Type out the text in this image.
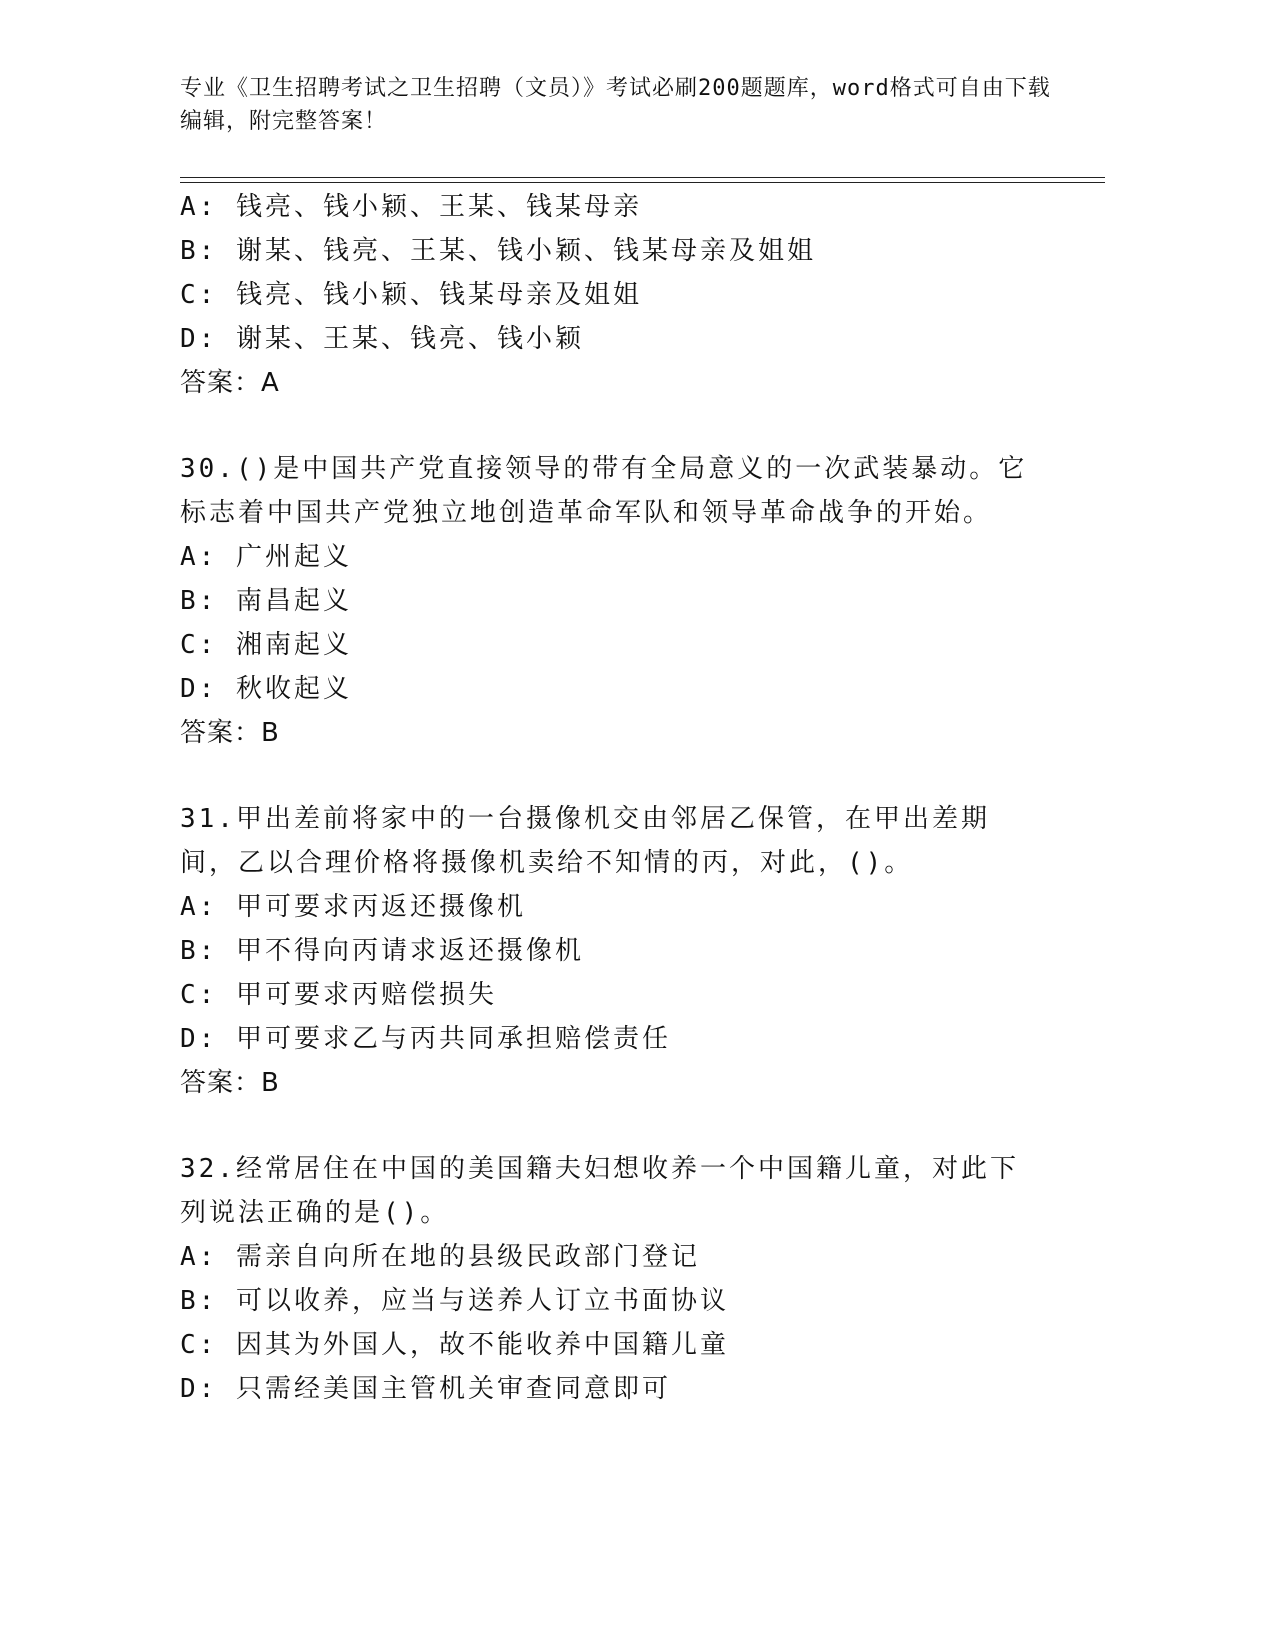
专业《卫生招聘考试之卫生招聘（文员）》考试必刷200题题库，word格式可自由下载编辑，附完整答案！
A: 钱亮、钱小颖、王某、钱某母亲
B: 谢某、钱亮、王某、钱小颖、钱某母亲及姐姐
C: 钱亮、钱小颖、钱某母亲及姐姐
D: 谢某、王某、钱亮、钱小颖
答案：A
30.()是中国共产党直接领导的带有全局意义的一次武装暴动。它标志着中国共产党独立地创造革命军队和领导革命战争的开始。
A: 广州起义
B: 南昌起义
C: 湘南起义
D: 秋收起义
答案：B
31.甲出差前将家中的一台摄像机交由邻居乙保管，在甲出差期间，乙以合理价格将摄像机卖给不知情的丙，对此，()。
A: 甲可要求丙返还摄像机
B: 甲不得向丙请求返还摄像机
C: 甲可要求丙赔偿损失
D: 甲可要求乙与丙共同承担赔偿责任
答案：B
32.经常居住在中国的美国籍夫妇想收养一个中国籍儿童，对此下列说法正确的是()。
A: 需亲自向所在地的县级民政部门登记
B: 可以收养，应当与送养人订立书面协议
C: 因其为外国人，故不能收养中国籍儿童
D: 只需经美国主管机关审查同意即可
